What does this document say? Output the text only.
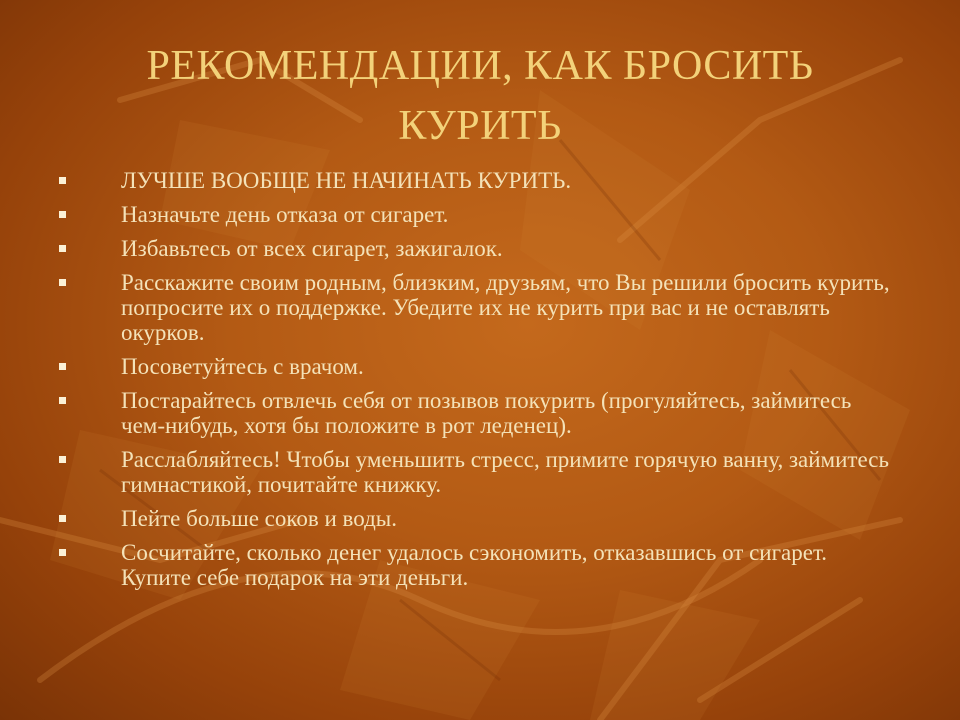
РЕКОМЕНДАЦИИ, КАК БРОСИТЬ КУРИТЬ
ЛУЧШЕ ВООБЩЕ НЕ НАЧИНАТЬ КУРИТЬ.
Назначьте день отказа от сигарет.
Избавьтесь от всех сигарет, зажигалок.
Расскажите своим родным, близким, друзьям, что Вы решили бросить курить, попросите их о поддержке. Убедите их не курить при вас и не оставлять окурков.
Посоветуйтесь с врачом.
Постарайтесь отвлечь себя от позывов покурить (прогуляйтесь, займитесь чем-нибудь, хотя бы положите в рот леденец).
Расслабляйтесь! Чтобы уменьшить стресс, примите горячую ванну, займитесь гимнастикой, почитайте книжку.
Пейте больше соков и воды.
Сосчитайте, сколько денег удалось сэкономить, отказавшись от сигарет. Купите себе подарок на эти деньги.
